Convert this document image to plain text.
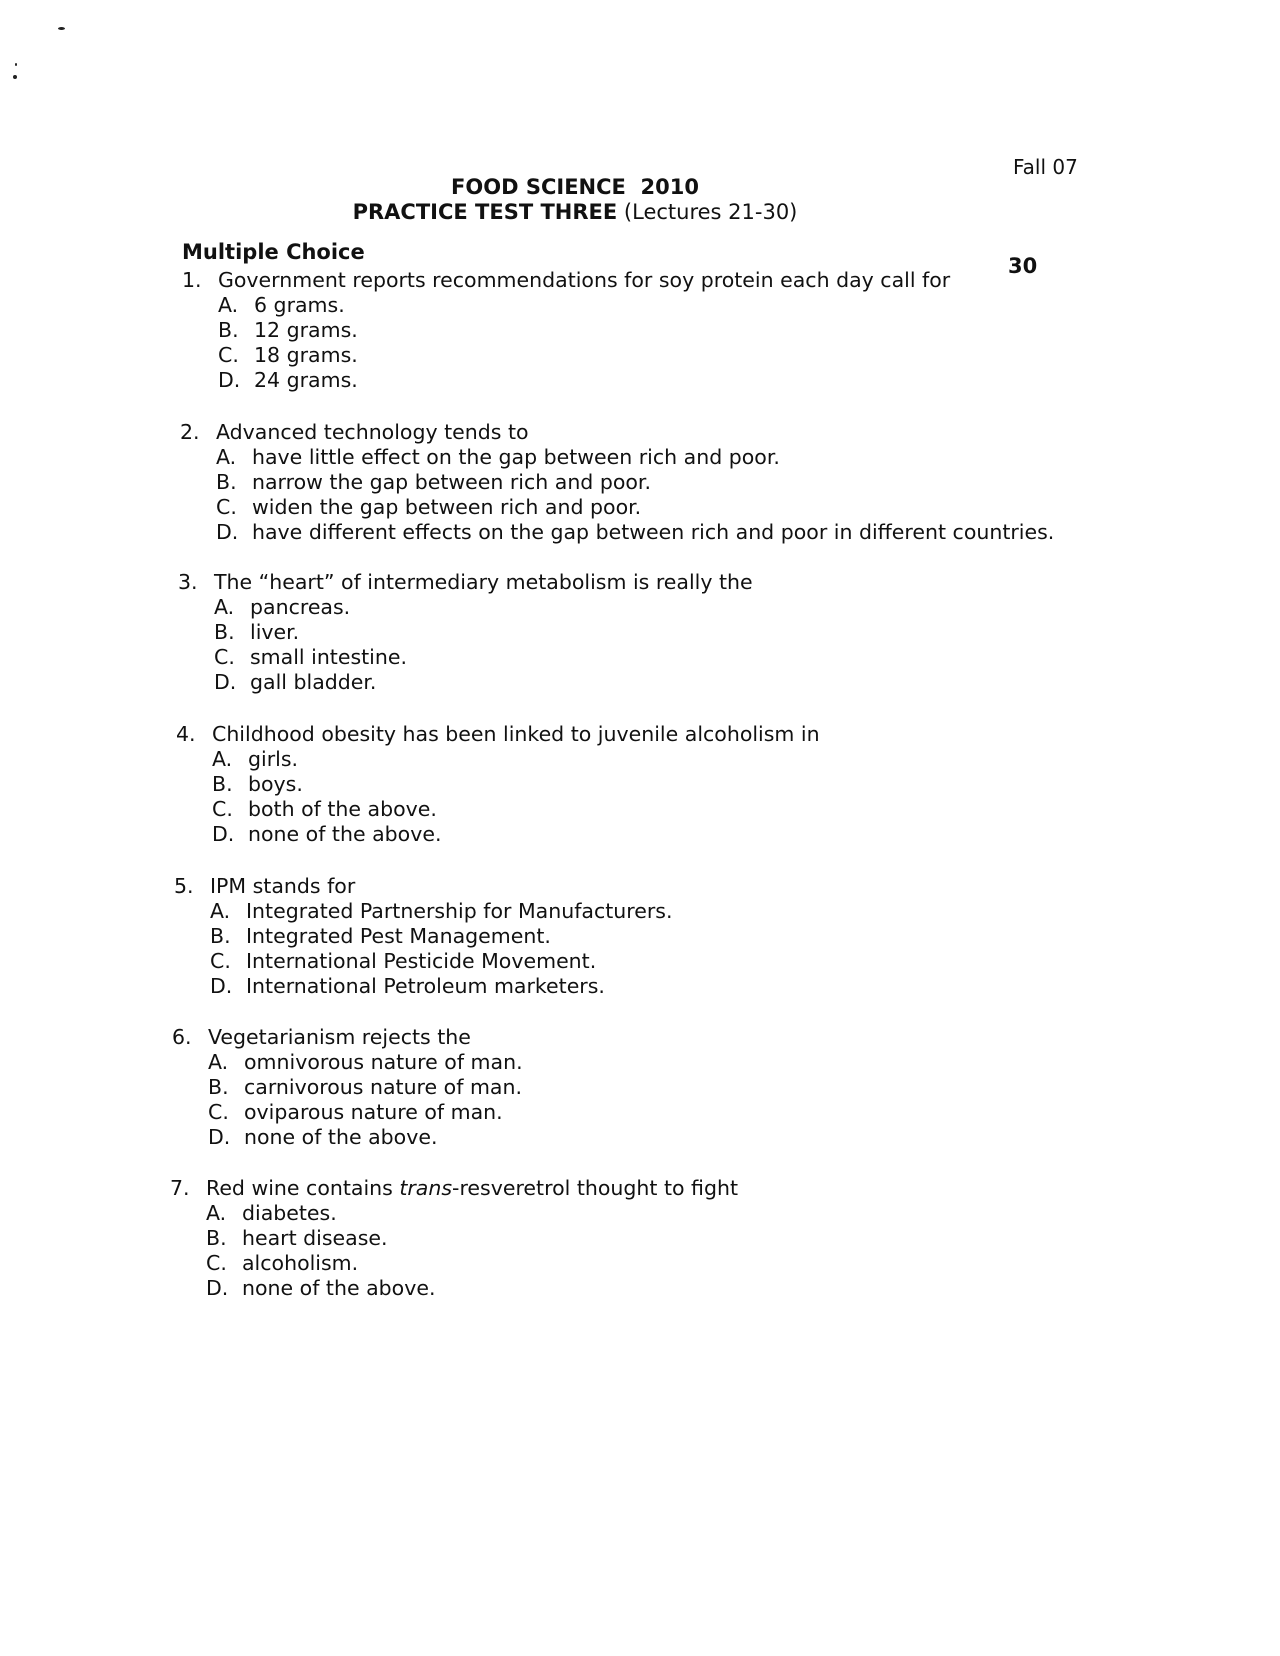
Fall 07
FOOD SCIENCE  2010
PRACTICE TEST THREE (Lectures 21-30)
Multiple Choice
30
1. Government reports recommendations for soy protein each day call for
A. 6 grams.
B. 12 grams.
C. 18 grams.
D. 24 grams.
2. Advanced technology tends to
A. have little effect on the gap between rich and poor.
B. narrow the gap between rich and poor.
C. widen the gap between rich and poor.
D. have different effects on the gap between rich and poor in different countries.
3. The “heart” of intermediary metabolism is really the
A. pancreas.
B. liver.
C. small intestine.
D. gall bladder.
4. Childhood obesity has been linked to juvenile alcoholism in
A. girls.
B. boys.
C. both of the above.
D. none of the above.
5. IPM stands for
A. Integrated Partnership for Manufacturers.
B. Integrated Pest Management.
C. International Pesticide Movement.
D. International Petroleum marketers.
6. Vegetarianism rejects the
A. omnivorous nature of man.
B. carnivorous nature of man.
C. oviparous nature of man.
D. none of the above.
7. Red wine contains trans-resveretrol thought to fight
A. diabetes.
B. heart disease.
C. alcoholism.
D. none of the above.
